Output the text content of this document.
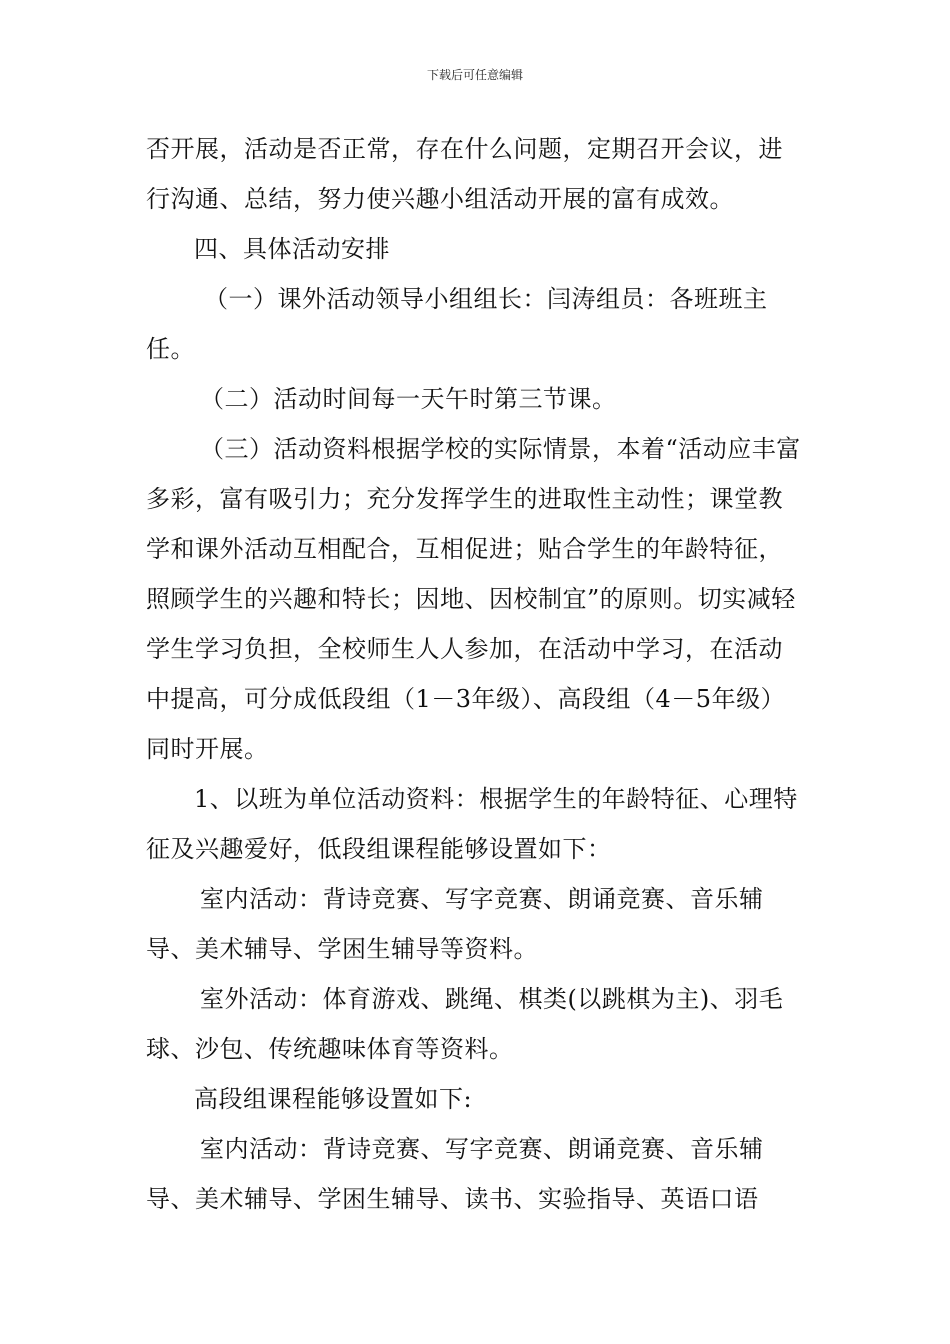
下载后可任意编辑

否开展，活动是否正常，存在什么问题，定期召开会议，进行沟通、总结，努力使兴趣小组活动开展的富有成效。

四、具体活动安排

（一）课外活动领导小组组长：闫涛组员：各班班主任。

（二）活动时间每一天午时第三节课。

（三）活动资料根据学校的实际情景，本着“活动应丰富多彩，富有吸引力；充分发挥学生的进取性主动性；课堂教学和课外活动互相配合，互相促进；贴合学生的年龄特征，照顾学生的兴趣和特长；因地、因校制宜”的原则。切实减轻学生学习负担，全校师生人人参加，在活动中学习，在活动中提高，可分成低段组（1－3年级）、高段组（4－5年级）同时开展。

1、以班为单位活动资料：根据学生的年龄特征、心理特征及兴趣爱好，低段组课程能够设置如下：

室内活动：背诗竞赛、写字竞赛、朗诵竞赛、音乐辅导、美术辅导、学困生辅导等资料。

室外活动：体育游戏、跳绳、棋类(以跳棋为主)、羽毛球、沙包、传统趣味体育等资料。

高段组课程能够设置如下:

室内活动：背诗竞赛、写字竞赛、朗诵竞赛、音乐辅导、美术辅导、学困生辅导、读书、实验指导、英语口语
